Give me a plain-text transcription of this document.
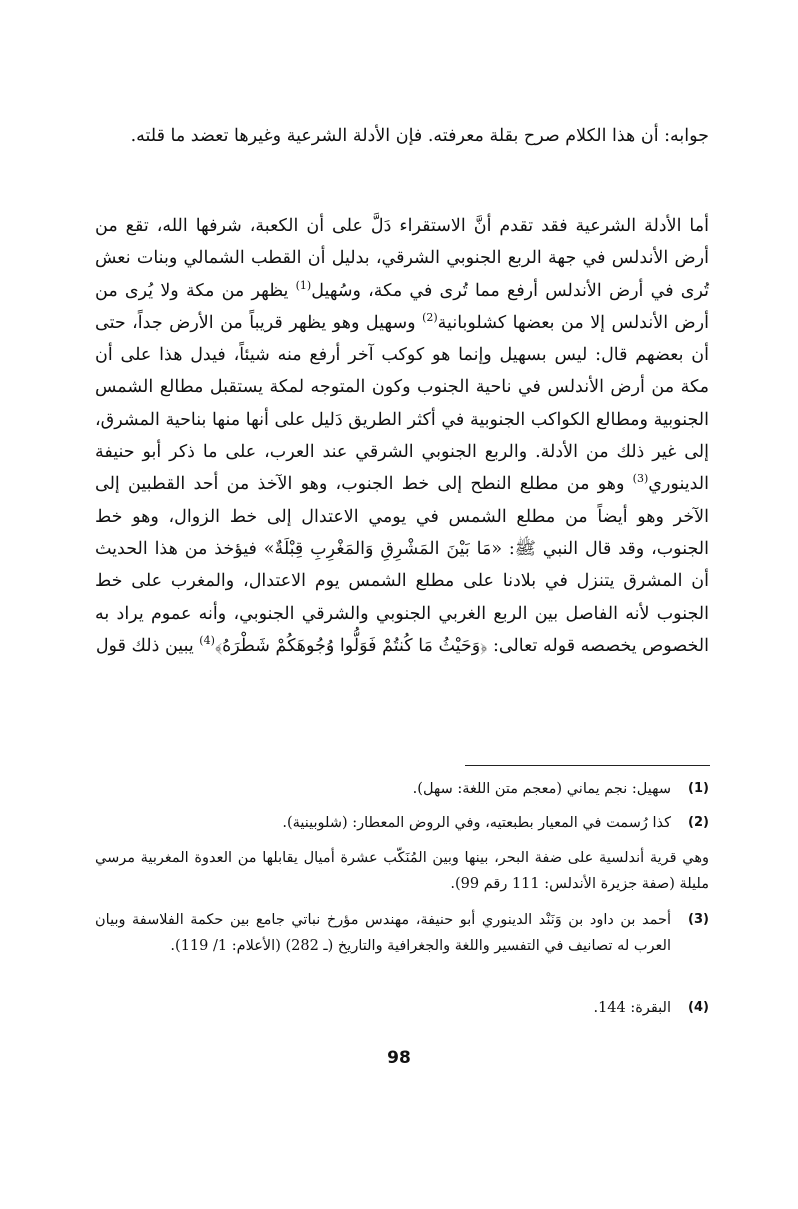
جوابه: أن هذا الكلام صرح بقلة معرفته. فإن الأدلة الشرعية وغيرها تعضد ما قلته.

أما الأدلة الشرعية فقد تقدم أنَّ الاستقراء دَلَّ على أن الكعبة، شرفها الله، تقع من أرض الأندلس في جهة الربع الجنوبي الشرقي، بدليل أن القطب الشمالي وبنات نعش تُرى في أرض الأندلس أرفع مما تُرى في مكة، وسُهيل$^{(1)}$ يظهر من مكة ولا يُرى من أرض الأندلس إلا من بعضها كشلوبانية$^{(2)}$ وسهيل وهو يظهر قريباً من الأرض جداً، حتى أن بعضهم قال: ليس بسهيل وإنما هو كوكب آخر أرفع منه شيئاً، فيدل هذا على أن مكة من أرض الأندلس في ناحية الجنوب وكون المتوجه لمكة يستقبل مطالع الشمس الجنوبية ومطالع الكواكب الجنوبية في أكثر الطريق دَليل على أنها منها بناحية المشرق، إلى غير ذلك من الأدلة. والربع الجنوبي الشرقي عند العرب، على ما ذكر أبو حنيفة الدينوري$^{(3)}$ وهو من مطلع النطح إلى خط الجنوب، وهو الآخذ من أحد القطبين إلى الآخر وهو أيضاً من مطلع الشمس في يومي الاعتدال إلى خط الزوال، وهو خط الجنوب، وقد قال النبي ﷺ: «مَا بَيْنَ المَشْرِقِ وَالمَغْرِبِ قِبْلَةٌ» فيؤخذ من هذا الحديث أن المشرق يتنزل في بلادنا على مطلع الشمس يوم الاعتدال، والمغرب على خط الجنوب لأنه الفاصل بين الربع الغربي الجنوبي والشرقي الجنوبي، وأنه عموم يراد به الخصوص يخصصه قوله تعالى: ﴿وَحَيْثُ مَا كُنتُمْ فَوَلُّوا وُجُوهَكُمْ شَطْرَهُ﴾$^{(4)}$ يبين ذلك قول

(1)
سهيل: نجم يماني (معجم متن اللغة: سهل).
(2)
كذا رُسمت في المعيار بطبعتيه، وفي الروض المعطار: (شلوبينية).
وهي قرية أندلسية على ضفة البحر، بينها وبين المُنَكّب عشرة أميال يقابلها من العدوة المغربية مرسي مليلة (صفة جزيرة الأندلس: 111 رقم 99).
(3)
أحمد بن داود بن وَنَنْد الدينوري أبو حنيفة، مهندس مؤرخ نباتي جامع بين حكمة الفلاسفة وبيان العرب له تصانيف في التفسير واللغة والجغرافية والتاريخ (ـ 282) (الأعلام: 1/ 119).
(4)
البقرة: 144.
98
